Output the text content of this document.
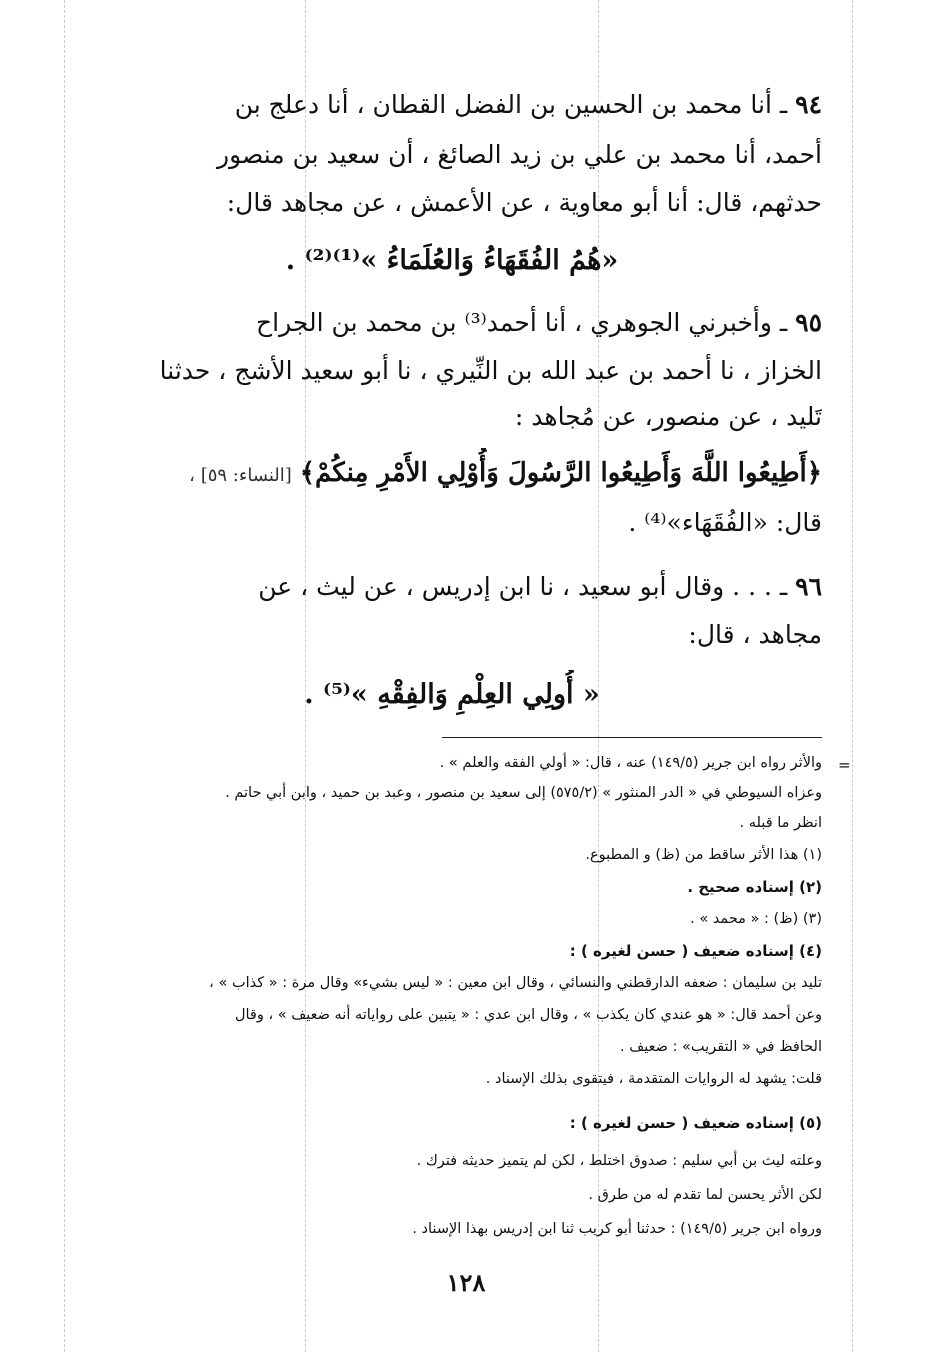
٩٤ ـ أنا محمد بن الحسين بن الفضل القطان ، أنا دعلج بن

أحمد، أنا محمد بن علي بن زيد الصائغ ، أن سعيد بن منصور

حدثهم، قال: أنا أبو معاوية ، عن الأعمش ، عن مجاهد قال:

«هُمُ الفُقَهَاءُ وَالعُلَمَاءُ »⁽¹⁾⁽²⁾ .

٩٥ ـ وأخبرني الجوهري ، أنا أحمد⁽³⁾ بن محمد بن الجراح

الخزاز ، نا أحمد بن عبد الله بن النِّيري ، نا أبو سعيد الأشج ، حدثنا

تَليد ، عن منصور، عن مُجاهد :

﴿أَطِيعُوا اللَّهَ وَأَطِيعُوا الرَّسُولَ وَأُوْلِي الأَمْرِ مِنكُمْ﴾ [النساء: ٥٩] ،

قال: «الفُقَهَاء»⁽⁴⁾ .

٩٦ ـ . . . وقال أبو سعيد ، نا ابن إدريس ، عن ليث ، عن

مجاهد ، قال:

« أُولِي العِلْمِ وَالفِقْهِ »⁽⁵⁾ .

=

والأثر رواه ابن جرير (١٤٩/٥) عنه ، قال: « أولي الفقه والعلم » .

وعزاه السيوطي في « الدر المنثور » (٥٧٥/٢) إلى سعيد بن منصور ، وعبد بن حميد ، وابن أبي حاتم .

انظر ما قبله .

(١) هذا الأثر ساقط من (ظ) و المطبوع.

(٢) إسناده صحيح .

(٣) (ظ) : « محمد » .

(٤) إسناده ضعيف ( حسن لغيره ) :

تليد بن سليمان : ضعفه الدارقطني والنسائي ، وقال ابن معين : « ليس بشيء» وقال مرة : « كذاب » ،

وعن أحمد قال: « هو عندي كان يكذب » ، وقال ابن عدي : « يتبين على رواياته أنه ضعيف » ، وقال

الحافظ في « التقريب» : ضعيف .

قلت: يشهد له الروايات المتقدمة ، فيتقوى بذلك الإسناد .

(٥) إسناده ضعيف ( حسن لغيره ) :

وعلته ليث بن أبي سليم : صدوق اختلط ، لكن لم يتميز حديثه فترك .

لكن الأثر يحسن لما تقدم له من طرق .

ورواه ابن جرير (١٤٩/٥) : حدثنا أبو كريب ثنا ابن إدريس بهذا الإسناد .

١٢٨
